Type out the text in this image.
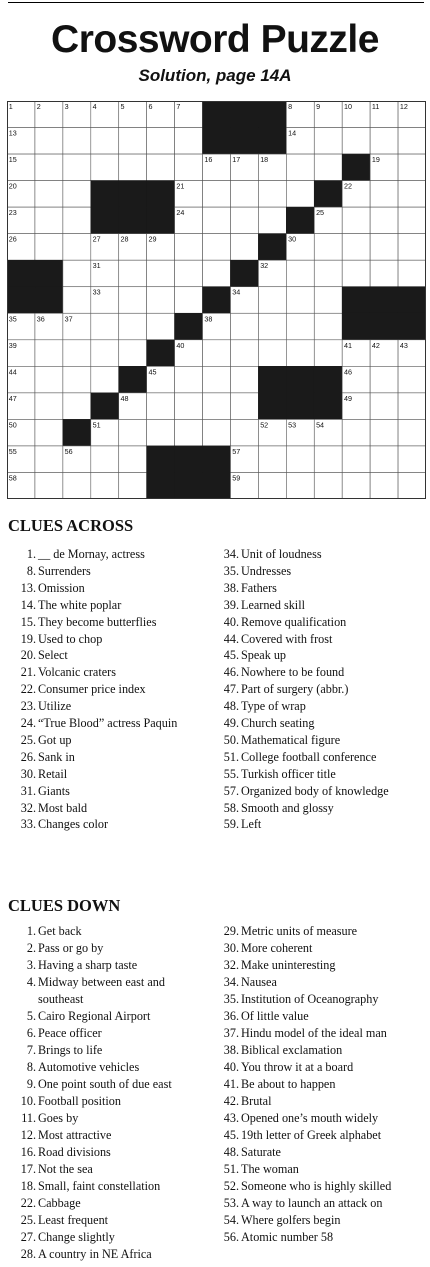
Crossword Puzzle
Solution, page 14A
1	2	3	4	5	6	7	8	9	10	11	12
13	14
15	16	17	18	19
20	21	22
23	24	25
26	27	28	29	30
31	32
33	34
35	36	37	38
39	40	41	42	43
44	45	46
47	48	49
50	51	52	53	54
55	56	57
58	59
CLUES ACROSS
1. __ de Mornay, actress
8. Surrenders
13. Omission
14. The white poplar
15. They become butterflies
19. Used to chop
20. Select
21. Volcanic craters
22. Consumer price index
23. Utilize
24. “True Blood” actress Paquin
25. Got up
26. Sank in
30. Retail
31. Giants
32. Most bald
33. Changes color
34. Unit of loudness
35. Undresses
38. Fathers
39. Learned skill
40. Remove qualification
44. Covered with frost
45. Speak up
46. Nowhere to be found
47. Part of surgery (abbr.)
48. Type of wrap
49. Church seating
50. Mathematical figure
51. College football conference
55. Turkish officer title
57. Organized body of knowledge
58. Smooth and glossy
59. Left
CLUES DOWN
1. Get back
2. Pass or go by
3. Having a sharp taste
4. Midway between east and
southeast
5. Cairo Regional Airport
6. Peace officer
7. Brings to life
8. Automotive vehicles
9. One point south of due east
10. Football position
11. Goes by
12. Most attractive
16. Road divisions
17. Not the sea
18. Small, faint constellation
22. Cabbage
25. Least frequent
27. Change slightly
28. A country in NE Africa
29. Metric units of measure
30. More coherent
32. Make uninteresting
34. Nausea
35. Institution of Oceanography
36. Of little value
37. Hindu model of the ideal man
38. Biblical exclamation
40. You throw it at a board
41. Be about to happen
42. Brutal
43. Opened one’s mouth widely
45. 19th letter of Greek alphabet
48. Saturate
51. The woman
52. Someone who is highly skilled
53. A way to launch an attack on
54. Where golfers begin
56. Atomic number 58
